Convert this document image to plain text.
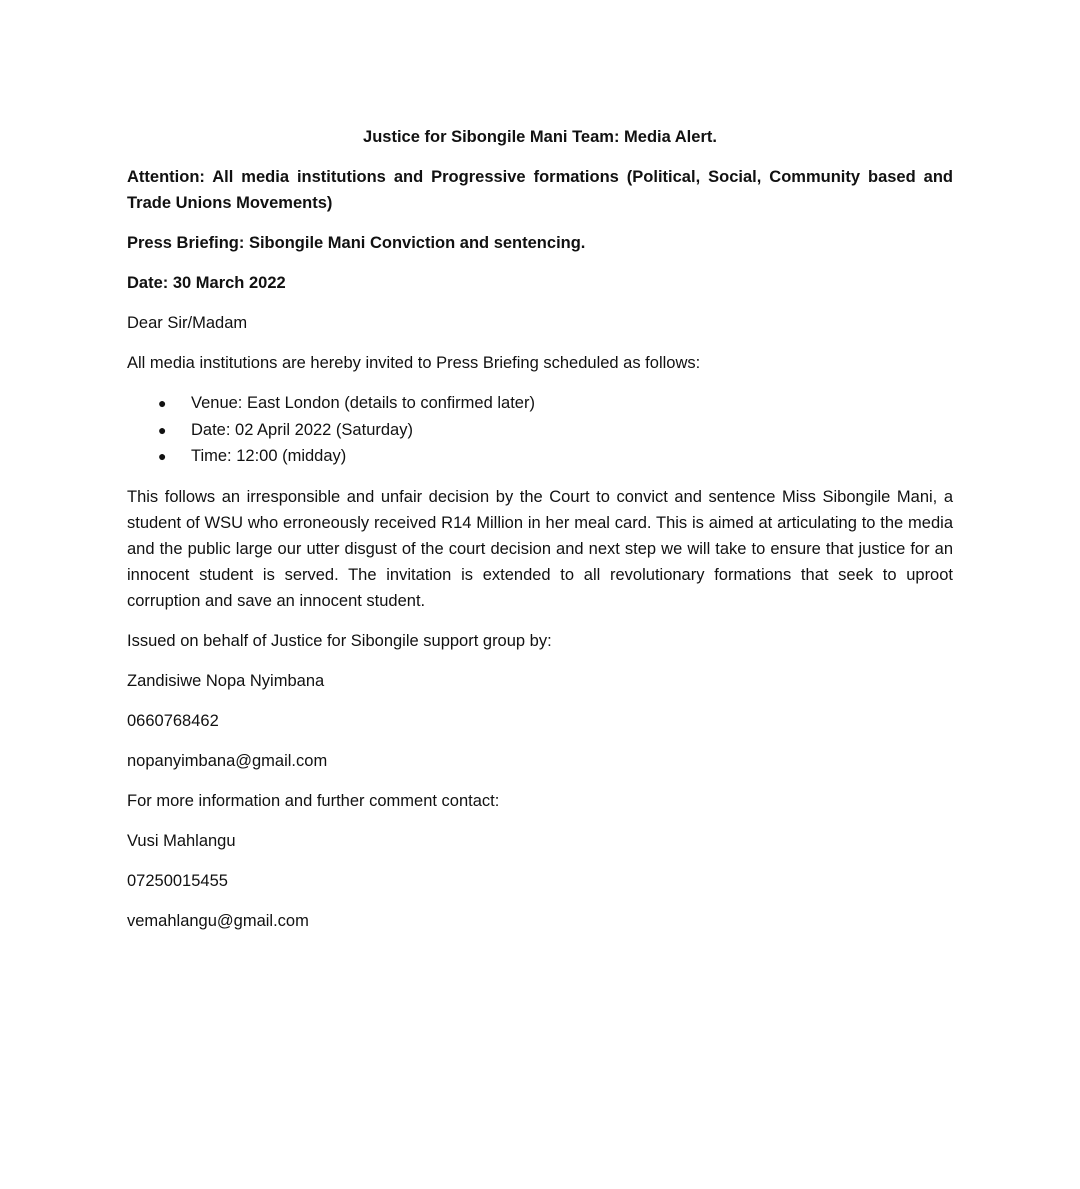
Justice for Sibongile Mani Team: Media Alert.

Attention: All media institutions and Progressive formations (Political, Social, Community based and Trade Unions Movements)

Press Briefing: Sibongile Mani Conviction and sentencing.

Date: 30 March 2022

Dear Sir/Madam

All media institutions are hereby invited to Press Briefing scheduled as follows:

● Venue: East London (details to confirmed later)
● Date: 02 April 2022 (Saturday)
● Time: 12:00 (midday)

This follows an irresponsible and unfair decision by the Court to convict and sentence Miss Sibongile Mani, a student of WSU who erroneously received R14 Million in her meal card. This is aimed at articulating to the media and the public large our utter disgust of the court decision and next step we will take to ensure that justice for an innocent student is served. The invitation is extended to all revolutionary formations that seek to uproot corruption and save an innocent student.

Issued on behalf of Justice for Sibongile support group by:

Zandisiwe Nopa Nyimbana

0660768462

nopanyimbana@gmail.com

For more information and further comment contact:

Vusi Mahlangu

07250015455

vemahlangu@gmail.com
